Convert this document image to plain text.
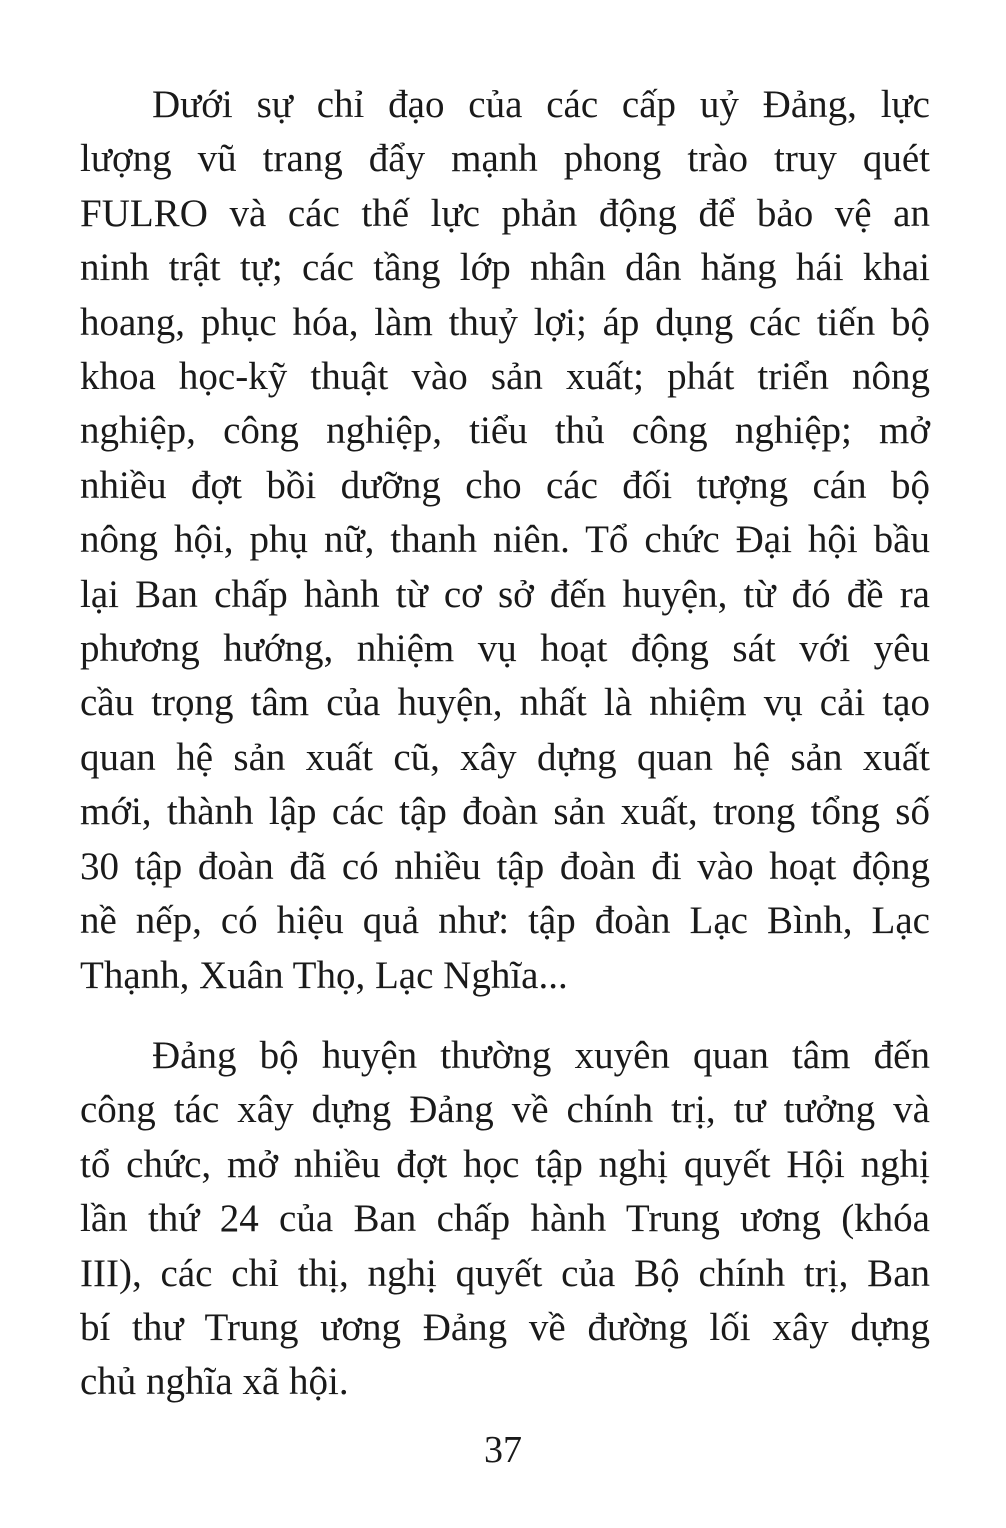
Dưới sự chỉ đạo của các cấp uỷ Đảng, lực
lượng vũ trang đẩy mạnh phong trào truy quét
FULRO và các thế lực phản động để bảo vệ an
ninh trật tự; các tầng lớp nhân dân hăng hái khai
hoang, phục hóa, làm thuỷ lợi; áp dụng các tiến bộ
khoa học-kỹ thuật vào sản xuất; phát triển nông
nghiệp, công nghiệp, tiểu thủ công nghiệp; mở
nhiều đợt bồi dưỡng cho các đối tượng cán bộ
nông hội, phụ nữ, thanh niên. Tổ chức Đại hội bầu
lại Ban chấp hành từ cơ sở đến huyện, từ đó đề ra
phương hướng, nhiệm vụ hoạt động sát với yêu
cầu trọng tâm của huyện, nhất là nhiệm vụ cải tạo
quan hệ sản xuất cũ, xây dựng quan hệ sản xuất
mới, thành lập các tập đoàn sản xuất, trong tổng số
30 tập đoàn đã có nhiều tập đoàn đi vào hoạt động
nề nếp, có hiệu quả như: tập đoàn Lạc Bình, Lạc
Thạnh, Xuân Thọ, Lạc Nghĩa...
Đảng bộ huyện thường xuyên quan tâm đến
công tác xây dựng Đảng về chính trị, tư tưởng và
tổ chức, mở nhiều đợt học tập nghị quyết Hội nghị
lần thứ 24 của Ban chấp hành Trung ương (khóa
III), các chỉ thị, nghị quyết của Bộ chính trị, Ban
bí thư Trung ương Đảng về đường lối xây dựng
chủ nghĩa xã hội.
37
